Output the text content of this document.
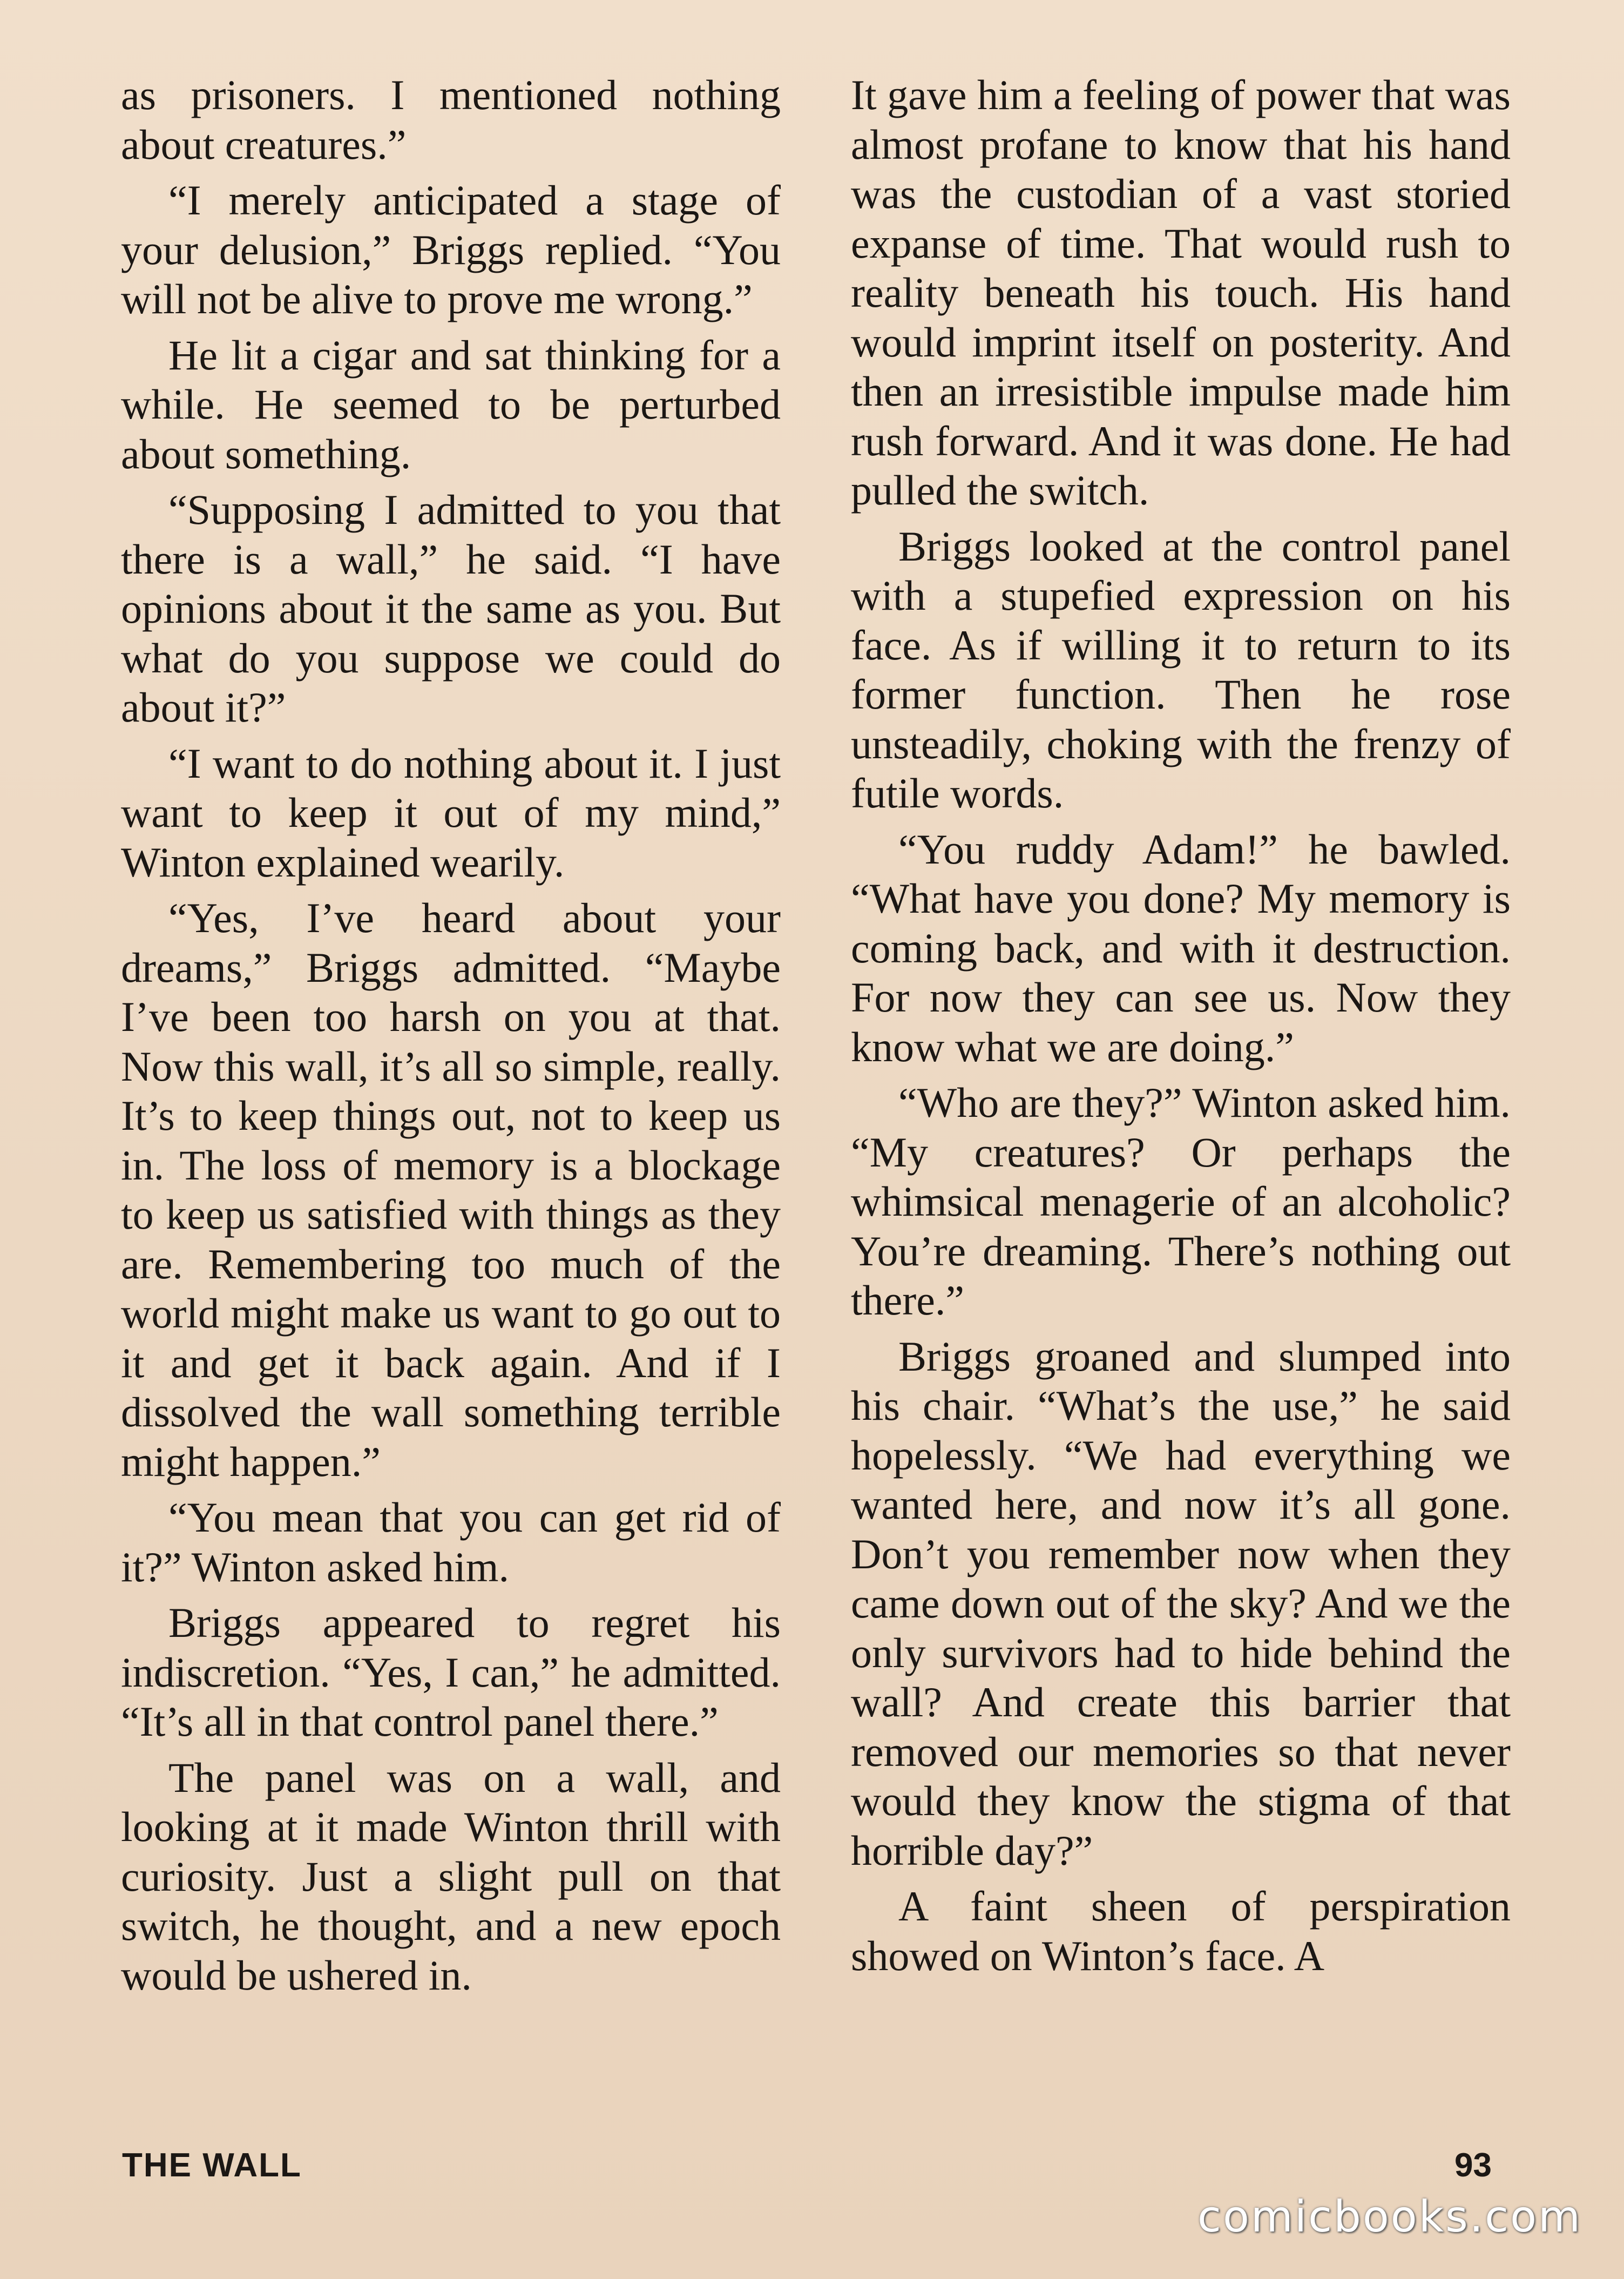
as prisoners. I mentioned nothing about creatures.”

“I merely anticipated a stage of your delusion,” Briggs replied. “You will not be alive to prove me wrong.”

He lit a cigar and sat thinking for a while. He seemed to be perturbed about something.

“Supposing I admitted to you that there is a wall,” he said. “I have opinions about it the same as you. But what do you suppose we could do about it?”

“I want to do nothing about it. I just want to keep it out of my mind,” Winton explained wearily.

“Yes, I’ve heard about your dreams,” Briggs admitted. “Maybe I’ve been too harsh on you at that. Now this wall, it’s all so simple, really. It’s to keep things out, not to keep us in. The loss of memory is a blockage to keep us satisfied with things as they are. Remembering too much of the world might make us want to go out to it and get it back again. And if I dissolved the wall something terrible might happen.”

“You mean that you can get rid of it?” Winton asked him.

Briggs appeared to regret his indiscretion. “Yes, I can,” he admitted. “It’s all in that control panel there.”

The panel was on a wall, and looking at it made Winton thrill with curiosity. Just a slight pull on that switch, he thought, and a new epoch would be ushered in.

It gave him a feeling of power that was almost profane to know that his hand was the custodian of a vast storied expanse of time. That would rush to reality beneath his touch. His hand would imprint itself on posterity. And then an irresistible impulse made him rush forward. And it was done. He had pulled the switch.

Briggs looked at the control panel with a stupefied expression on his face. As if willing it to return to its former function. Then he rose unsteadily, choking with the frenzy of futile words.

“You ruddy Adam!” he bawled. “What have you done? My memory is coming back, and with it destruction. For now they can see us. Now they know what we are doing.”

“Who are they?” Winton asked him. “My creatures? Or perhaps the whimsical menagerie of an alcoholic? You’re dreaming. There’s nothing out there.”

Briggs groaned and slumped into his chair. “What’s the use,” he said hopelessly. “We had everything we wanted here, and now it’s all gone. Don’t you remember now when they came down out of the sky? And we the only survivors had to hide behind the wall? And create this barrier that removed our memories so that never would they know the stigma of that horrible day?”

A faint sheen of perspiration showed on Winton’s face. A

THE WALL	93
comicbooks.com
